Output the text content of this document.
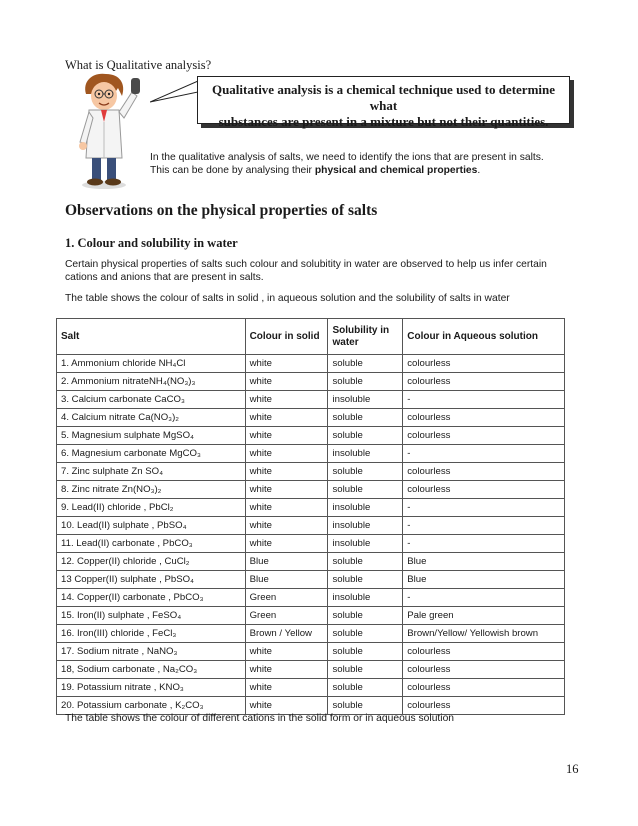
What is Qualitative analysis?
Qualitative analysis is a chemical technique used to determine what
substances are present in a mixture but not their quantities.
In the qualitative analysis of salts, we need to identify the ions that are present in salts.
This can be done by analysing their physical and chemical properties.
Observations on the physical properties of salts
1. Colour and solubility in water
Certain physical properties of salts such colour and solubitity in water are observed to help us infer certain cations and anions that are present in salts.
The table shows the colour of salts in solid , in aqueous solution and the solubility of salts in water
Salt	Colour in solid	Solubility in water	Colour in Aqueous solution
1. Ammonium chloride NH₄Cl	white	soluble	colourless
2. Ammonium nitrateNH₄(NO₃)₃	white	soluble	colourless
3. Calcium carbonate CaCO₃	white	insoluble	-
4. Calcium nitrate Ca(NO₃)₂	white	soluble	colourless
5. Magnesium sulphate MgSO₄	white	soluble	colourless
6. Magnesium carbonate MgCO₃	white	insoluble	-
7. Zinc sulphate Zn SO₄	white	soluble	colourless
8. Zinc nitrate Zn(NO₃)₂	white	soluble	colourless
9. Lead(II) chloride , PbCl₂	white	insoluble	-
10. Lead(II) sulphate , PbSO₄	white	insoluble	-
11. Lead(II) carbonate , PbCO₃	white	insoluble	-
12. Copper(II) chloride , CuCl₂	Blue	soluble	Blue
13 Copper(II) sulphate , PbSO₄	Blue	soluble	Blue
14. Copper(II) carbonate , PbCO₃	Green	insoluble	-
15. Iron(II) sulphate , FeSO₄	Green	soluble	Pale green
16. Iron(III) chloride , FeCl₃	Brown / Yellow	soluble	Brown/Yellow/ Yellowish brown
17. Sodium nitrate , NaNO₃	white	soluble	colourless
18, Sodium carbonate , Na₂CO₃	white	soluble	colourless
19. Potassium nitrate , KNO₃	white	soluble	colourless
20. Potassium carbonate , K₂CO₃	white	soluble	colourless
The table shows the colour of different cations in the solid form or in aqueous solution
16
